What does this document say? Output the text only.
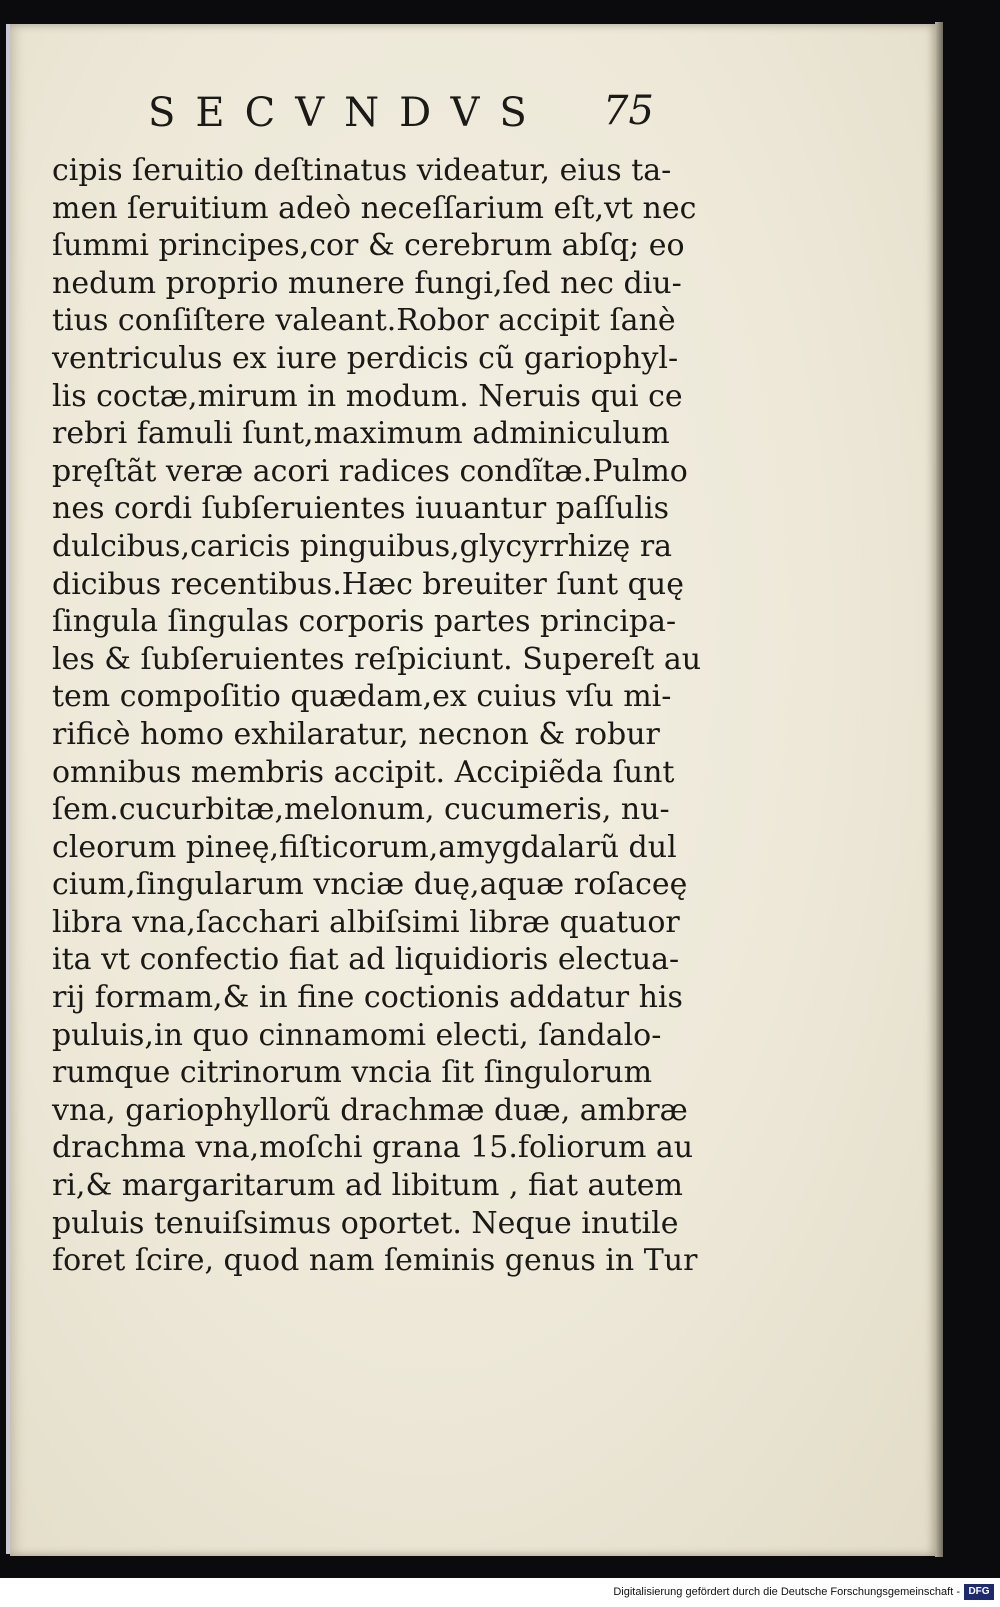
SECVNDVS 75
cipis ſeruitio deſtinatus videatur, eius ta-
men ſeruitium adeò neceſſarium eſt,vt nec
ſummi principes,cor & cerebrum abſq; eo
nedum proprio munere fungi,ſed nec diu-
tius conſiſtere valeant.Robor accipit ſanè
ventriculus ex iure perdicis cũ gariophyl-
lis coctæ,mirum in modum. Neruis qui ce
rebri famuli ſunt,maximum adminiculum
pręſtãt veræ acori radices condĩtæ.Pulmo
nes cordi ſubſeruientes iuuantur paſſulis
dulcibus,caricis pinguibus,glycyrrhizę ra
dicibus recentibus.Hæc breuiter ſunt quę
ſingula ſingulas corporis partes principa-
les & ſubſeruientes reſpiciunt. Supereſt au
tem compoſitio quædam,ex cuius vſu mi-
rificè homo exhilaratur, necnon & robur
omnibus membris accipit. Accipiẽda ſunt
ſem.cucurbitæ,melonum, cucumeris, nu-
cleorum pineę,fiſticorum,amygdalarũ dul
cium,ſingularum vnciæ duę,aquæ roſaceę
libra vna,ſacchari albiſsimi libræ quatuor
ita vt confectio fiat ad liquidioris electua-
rij formam,& in fine coctionis addatur his
puluis,in quo cinnamomi electi, ſandalo-
rumque citrinorum vncia ſit ſingulorum
vna, gariophyllorũ drachmæ duæ, ambræ
drachma vna,moſchi grana 15.foliorum au
ri,& margaritarum ad libitum , fiat autem
puluis tenuiſsimus oportet. Neque inutile
foret ſcire, quod nam ſeminis genus in Tur
Digitalisierung gefördert durch die Deutsche Forschungsgemeinschaft - DFG
